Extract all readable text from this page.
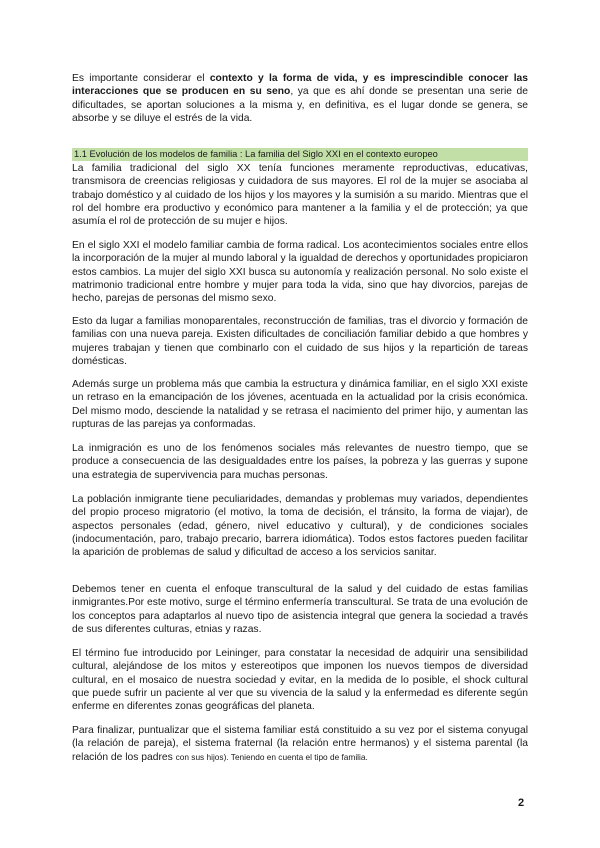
Es importante considerar el contexto y la forma de vida, y es imprescindible conocer las interacciones que se producen en su seno, ya que es ahí donde se presentan una serie de dificultades, se aportan soluciones a la misma y, en definitiva, es el lugar donde se genera, se absorbe y se diluye el estrés de la vida.

1.1 Evolución de los modelos de familia : La familia del Siglo XXI en el contexto europeo

La familia tradicional del siglo XX tenía funciones meramente reproductivas, educativas, transmisora de creencias religiosas y cuidadora de sus mayores. El rol de la mujer se asociaba al trabajo doméstico y al cuidado de los hijos y los mayores y la sumisión a su marido. Mientras que el rol del hombre era productivo y económico para mantener a la familia y el de protección; ya que asumía el rol de protección de su mujer e hijos.

En el siglo XXI el modelo familiar cambia de forma radical. Los acontecimientos sociales entre ellos la incorporación de la mujer al mundo laboral y la igualdad de derechos y oportunidades propiciaron estos cambios. La mujer del siglo XXI busca su autonomía y realización personal. No solo existe el matrimonio tradicional entre hombre y mujer para toda la vida, sino que hay divorcios, parejas de hecho, parejas de personas del mismo sexo.

Esto da lugar a familias monoparentales, reconstrucción de familias, tras el divorcio y formación de familias con una nueva pareja. Existen dificultades de conciliación familiar debido a que hombres y mujeres trabajan y tienen que combinarlo con el cuidado de sus hijos y la repartición de tareas domésticas.

Además surge un problema más que cambia la estructura y dinámica familiar, en el siglo XXI existe un retraso en la emancipación de los jóvenes, acentuada en la actualidad por la crisis económica. Del mismo modo, desciende la natalidad y se retrasa el nacimiento del primer hijo, y aumentan las rupturas de las parejas ya conformadas.

La inmigración es uno de los fenómenos sociales más relevantes de nuestro tiempo, que se produce a consecuencia de las desigualdades entre los países, la pobreza y las guerras y supone una estrategia de supervivencia para muchas personas.

La población inmigrante tiene peculiaridades, demandas y problemas muy variados, dependientes del propio proceso migratorio (el motivo, la toma de decisión, el tránsito, la forma de viajar), de aspectos personales (edad, género, nivel educativo y cultural), y de condiciones sociales (indocumentación, paro, trabajo precario, barrera idiomática). Todos estos factores pueden facilitar la aparición de problemas de salud y dificultad de acceso a los servicios sanitar.

Debemos tener en cuenta el enfoque transcultural de la salud y del cuidado de estas familias inmigrantes.Por este motivo, surge el término enfermería transcultural. Se trata de una evolución de los conceptos para adaptarlos al nuevo tipo de asistencia integral que genera la sociedad a través de sus diferentes culturas, etnias y razas.

El término fue introducido por Leininger, para constatar la necesidad de adquirir una sensibilidad cultural, alejándose de los mitos y estereotipos que imponen los nuevos tiempos de diversidad cultural, en el mosaico de nuestra sociedad y evitar, en la medida de lo posible, el shock cultural que puede sufrir un paciente al ver que su vivencia de la salud y la enfermedad es diferente según enferme en diferentes zonas geográficas del planeta.

Para finalizar, puntualizar que el sistema familiar está constituido a su vez por el sistema conyugal (la relación de pareja), el sistema fraternal (la relación entre hermanos) y el sistema parental (la relación de los padres con sus hijos). Teniendo en cuenta el tipo de familia.

2
